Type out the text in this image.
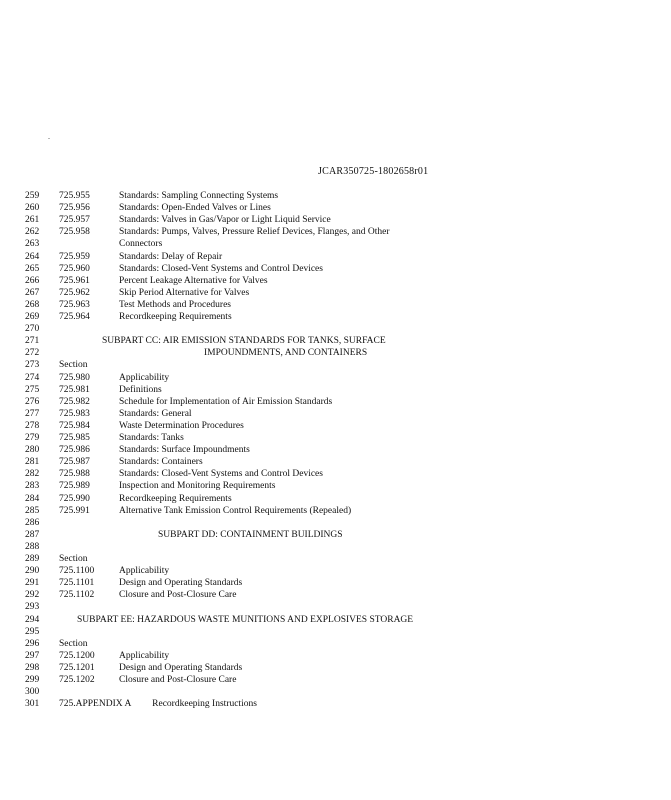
.
JCAR350725-1802658r01
259	725.955	Standards: Sampling Connecting Systems
260	725.956	Standards: Open-Ended Valves or Lines
261	725.957	Standards: Valves in Gas/Vapor or Light Liquid Service
262	725.958	Standards: Pumps, Valves, Pressure Relief Devices, Flanges, and Other
263	Connectors
264	725.959	Standards: Delay of Repair
265	725.960	Standards: Closed-Vent Systems and Control Devices
266	725.961	Percent Leakage Alternative for Valves
267	725.962	Skip Period Alternative for Valves
268	725.963	Test Methods and Procedures
269	725.964	Recordkeeping Requirements
270
271	SUBPART CC: AIR EMISSION STANDARDS FOR TANKS, SURFACE
272	IMPOUNDMENTS, AND CONTAINERS
273	Section
274	725.980	Applicability
275	725.981	Definitions
276	725.982	Schedule for Implementation of Air Emission Standards
277	725.983	Standards: General
278	725.984	Waste Determination Procedures
279	725.985	Standards: Tanks
280	725.986	Standards: Surface Impoundments
281	725.987	Standards: Containers
282	725.988	Standards: Closed-Vent Systems and Control Devices
283	725.989	Inspection and Monitoring Requirements
284	725.990	Recordkeeping Requirements
285	725.991	Alternative Tank Emission Control Requirements (Repealed)
286
287	SUBPART DD: CONTAINMENT BUILDINGS
288
289	Section
290	725.1100	Applicability
291	725.1101	Design and Operating Standards
292	725.1102	Closure and Post-Closure Care
293
294	SUBPART EE: HAZARDOUS WASTE MUNITIONS AND EXPLOSIVES STORAGE
295
296	Section
297	725.1200	Applicability
298	725.1201	Design and Operating Standards
299	725.1202	Closure and Post-Closure Care
300
301	725.APPENDIX A         Recordkeeping Instructions
